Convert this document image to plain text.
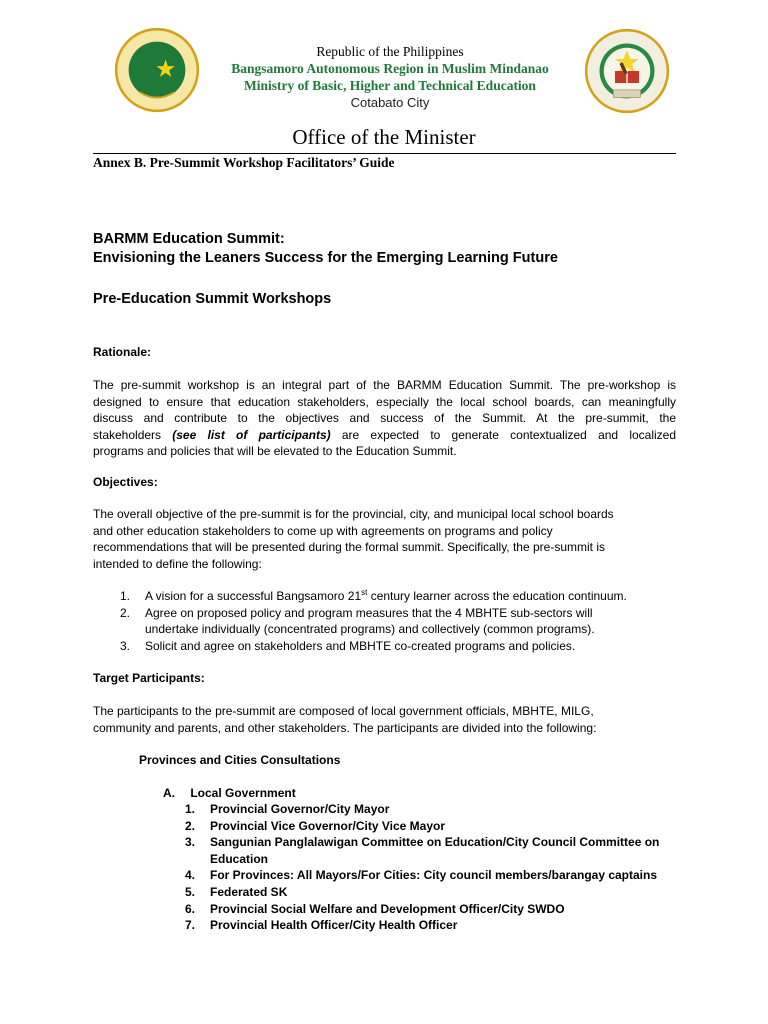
Republic of the Philippines
Bangsamoro Autonomous Region in Muslim Mindanao
Ministry of Basic, Higher and Technical Education
Cotabato City
Office of the Minister
Annex B. Pre-Summit Workshop Facilitators’ Guide
BARMM Education Summit:
Envisioning the Leaners Success for the Emerging Learning Future
Pre-Education Summit Workshops
Rationale:
The pre-summit workshop is an integral part of the BARMM Education Summit. The pre-workshop is
designed to ensure that education stakeholders, especially the local school boards, can meaningfully
discuss and contribute to the objectives and success of the Summit. At the pre-summit, the
stakeholders (see list of participants) are expected to generate contextualized and localized
programs and policies that will be elevated to the Education Summit.
Objectives:
The overall objective of the pre-summit is for the provincial, city, and municipal local school boards
and other education stakeholders to come up with agreements on programs and policy
recommendations that will be presented during the formal summit. Specifically, the pre-summit is
intended to define the following:
1. A vision for a successful Bangsamoro 21st century learner across the education continuum.
2. Agree on proposed policy and program measures that the 4 MBHTE sub-sectors will
undertake individually (concentrated programs) and collectively (common programs).
3. Solicit and agree on stakeholders and MBHTE co-created programs and policies.
Target Participants:
The participants to the pre-summit are composed of local government officials, MBHTE, MILG,
community and parents, and other stakeholders. The participants are divided into the following:
Provinces and Cities Consultations
A. Local Government
1. Provincial Governor/City Mayor
2. Provincial Vice Governor/City Vice Mayor
3. Sangunian Panglalawigan Committee on Education/City Council Committee on
Education
4. For Provinces: All Mayors/For Cities: City council members/barangay captains
5. Federated SK
6. Provincial Social Welfare and Development Officer/City SWDO
7. Provincial Health Officer/City Health Officer
